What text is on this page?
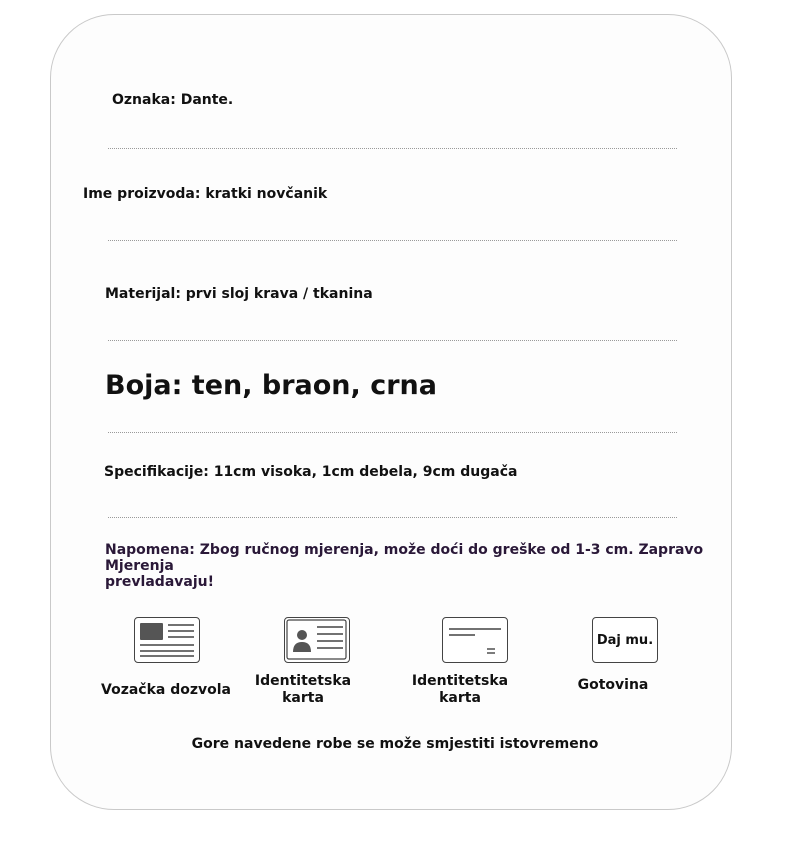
Oznaka: Dante.
Ime proizvoda: kratki novčanik
Materijal: prvi sloj krava / tkanina
Boja: ten, braon, crna
Specifikacije: 11cm visoka, 1cm debela, 9cm dugača
Napomena: Zbog ručnog mjerenja, može doći do greške od 1-3 cm. Zapravo Mjerenja
prevladavaju!
Vozačka dozvola
Identitetska
karta
Identitetska
karta
Daj mu.
Gotovina
Gore navedene robe se može smjestiti istovremeno
